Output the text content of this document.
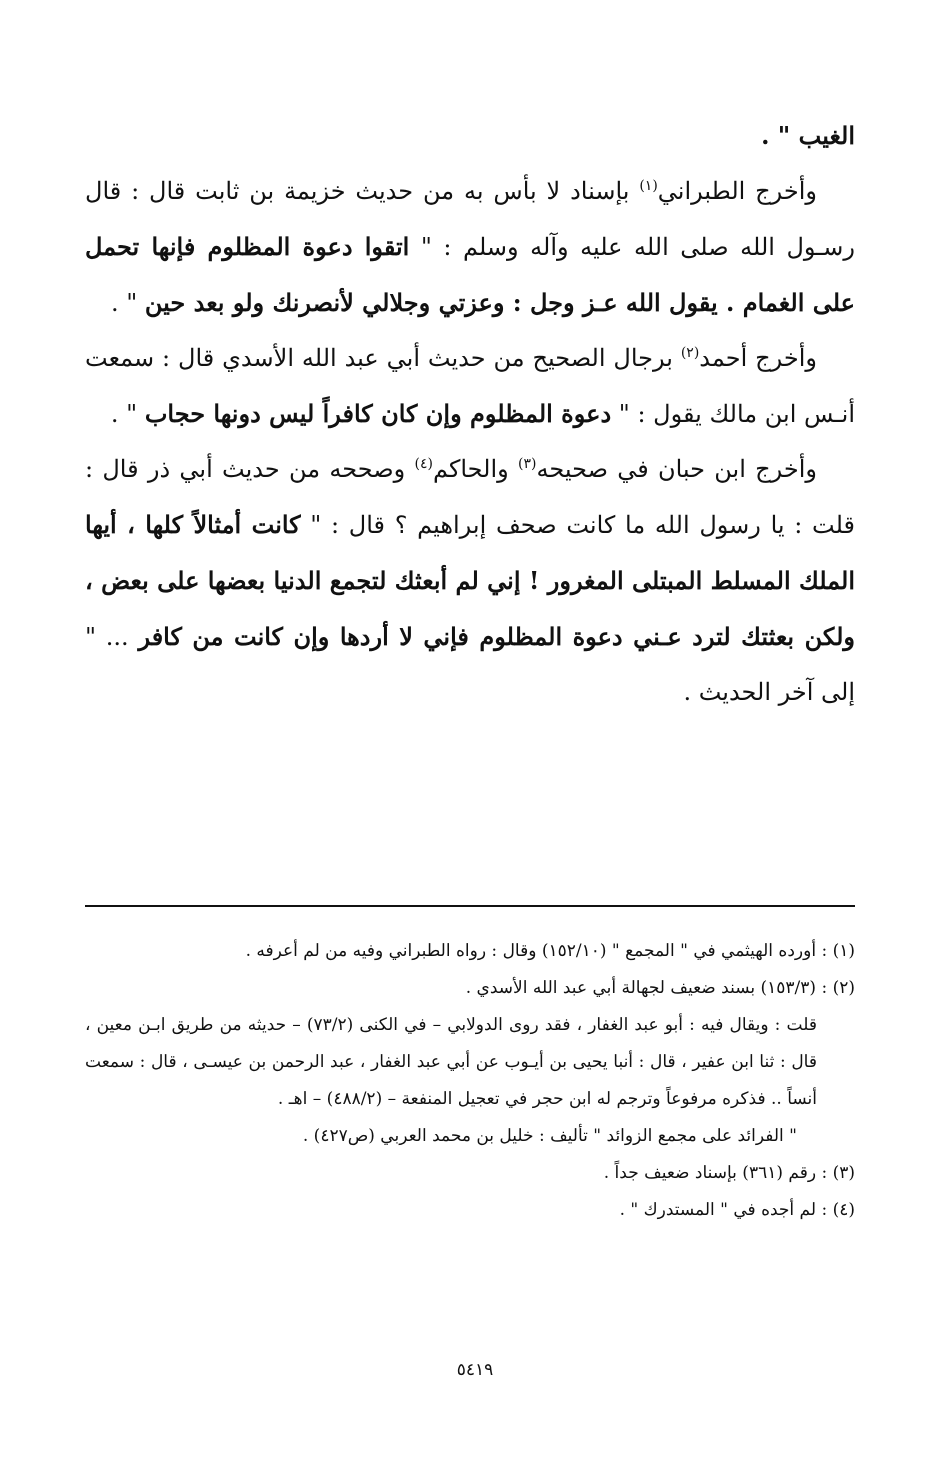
الغيب " .

وأخرج الطبراني$^{(١)}$ بإسناد لا بأس به من حديث خزيمة بن ثابت قال : قال رسـول الله صلى الله عليه وآله وسلم : " اتقوا دعوة المظلوم فإنها تحمل على الغمام . يقول الله عـز وجل : وعزتي وجلالي لأنصرنك ولو بعد حين " .

وأخرج أحمد$^{(٢)}$ برجال الصحيح من حديث أبي عبد الله الأسدي قال : سمعت أنـس ابن مالك يقول : " دعوة المظلوم وإن كان كافراً ليس دونها حجاب " .

وأخرج ابن حبان في صحيحه$^{(٣)}$ والحاكم$^{(٤)}$ وصححه من حديث أبي ذر قال : قلت : يا رسول الله ما كانت صحف إبراهيم ؟ قال : " كانت أمثالاً كلها ، أيها الملك المسلط المبتلى المغرور ! إني لم أبعثك لتجمع الدنيا بعضها على بعض ، ولكن بعثتك لترد عـني دعوة المظلوم فإني لا أردها وإن كانت من كافر ... " إلى آخر الحديث .

(١) : أورده الهيثمي في " المجمع " (١٥٢/١٠) وقال : رواه الطبراني وفيه من لم أعرفه .

(٢) : (١٥٣/٣) بسند ضعيف لجهالة أبي عبد الله الأسدي .

قلت : ويقال فيه : أبو عبد الغفار ، فقد روى الدولابي – في الكنى (٧٣/٢) – حديثه من طريق ابـن معين ، قال : ثنا ابن عفير ، قال : أنبا يحيى بن أيـوب عن أبي عبد الغفار ، عبد الرحمن بن عيسـى ، قال : سمعت أنساً .. فذكره مرفوعاً وترجم له ابن حجر في تعجيل المنفعة – (٤٨٨/٢) – اهـ .

" الفرائد على مجمع الزوائد " تأليف : خليل بن محمد العربي (ص٤٢٧) .

(٣) : رقم (٣٦١) بإسناد ضعيف جداً .

(٤) : لم أجده في " المستدرك " .

٥٤١٩
